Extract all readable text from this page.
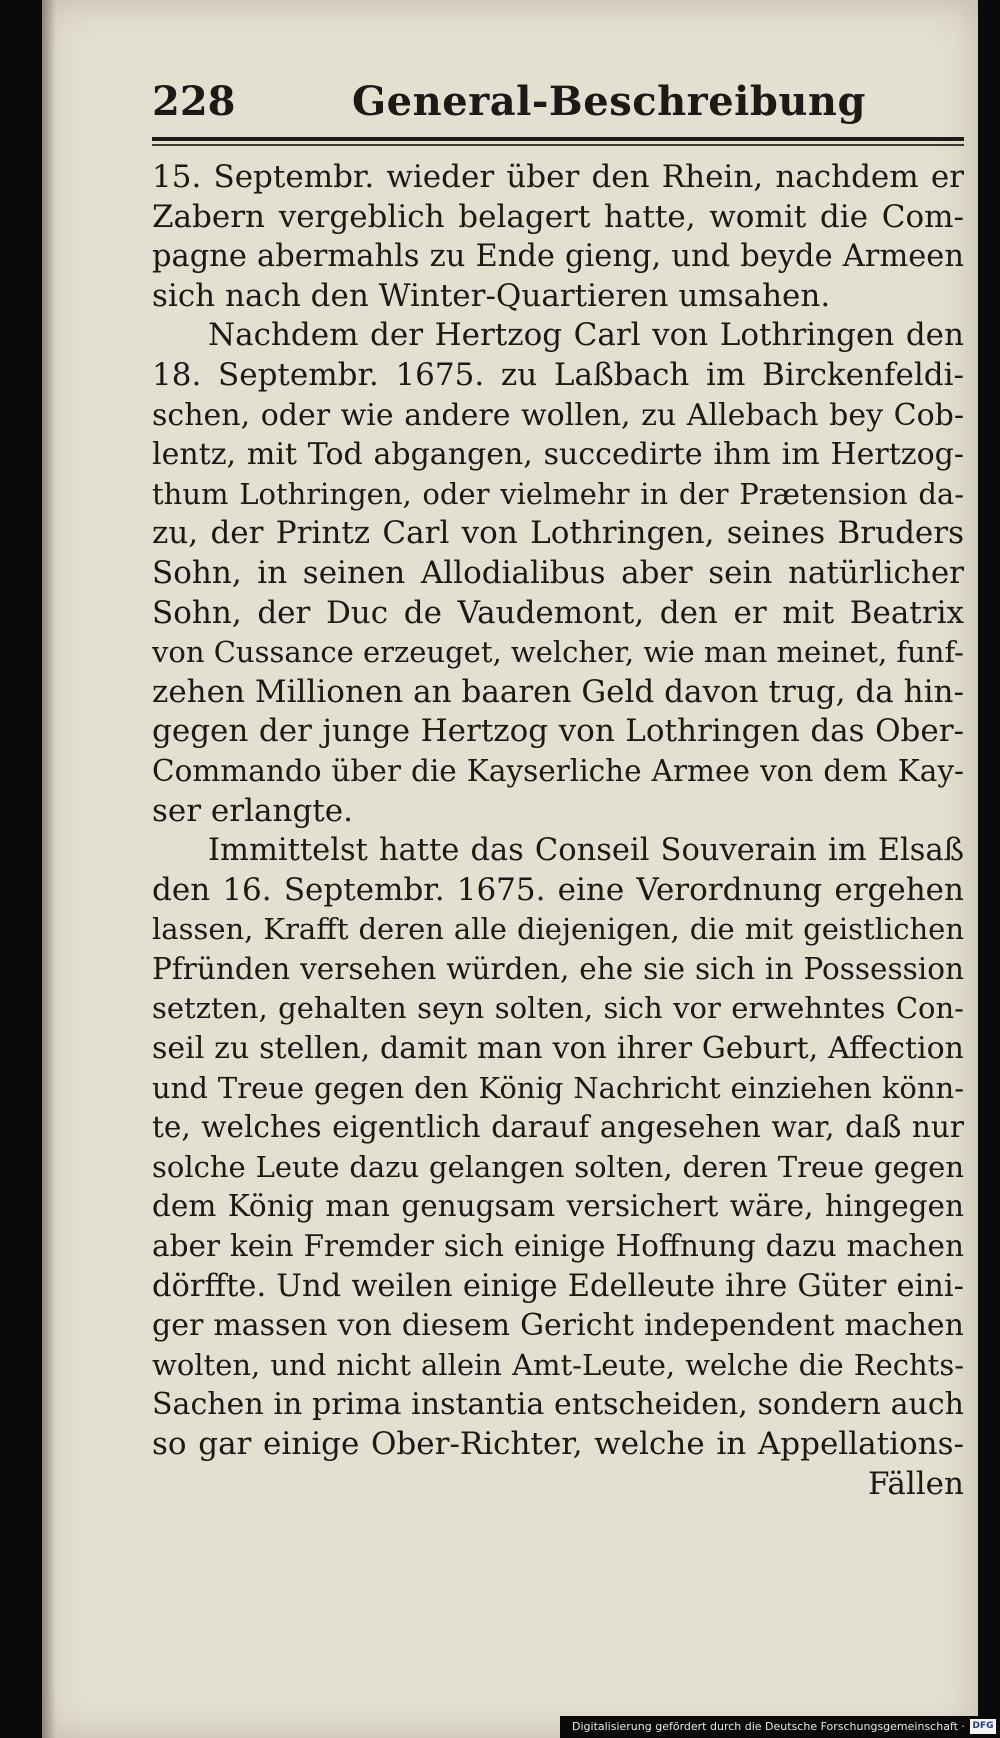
228	General-Beschreibung
15. Septembr. wieder über den Rhein, nachdem er
Zabern vergeblich belagert hatte, womit die Com-
pagne abermahls zu Ende gieng, und beyde Armeen
sich nach den Winter-Quartieren umsahen.
Nachdem der Hertzog Carl von Lothringen den
18. Septembr. 1675. zu Laßbach im Birckenfeldi-
schen, oder wie andere wollen, zu Allebach bey Cob-
lentz, mit Tod abgangen, succedirte ihm im Hertzog-
thum Lothringen, oder vielmehr in der Prætension da-
zu, der Printz Carl von Lothringen, seines Bruders
Sohn, in seinen Allodialibus aber sein natürlicher
Sohn, der Duc de Vaudemont, den er mit Beatrix
von Cussance erzeuget, welcher, wie man meinet, funf-
zehen Millionen an baaren Geld davon trug, da hin-
gegen der junge Hertzog von Lothringen das Ober-
Commando über die Kayserliche Armee von dem Kay-
ser erlangte.
Immittelst hatte das Conseil Souverain im Elsaß
den 16. Septembr. 1675. eine Verordnung ergehen
lassen, Krafft deren alle diejenigen, die mit geistlichen
Pfründen versehen würden, ehe sie sich in Possession
setzten, gehalten seyn solten, sich vor erwehntes Con-
seil zu stellen, damit man von ihrer Geburt, Affection
und Treue gegen den König Nachricht einziehen könn-
te, welches eigentlich darauf angesehen war, daß nur
solche Leute dazu gelangen solten, deren Treue gegen
dem König man genugsam versichert wäre, hingegen
aber kein Fremder sich einige Hoffnung dazu machen
dörffte. Und weilen einige Edelleute ihre Güter eini-
ger massen von diesem Gericht independent machen
wolten, und nicht allein Amt-Leute, welche die Rechts-
Sachen in prima instantia entscheiden, sondern auch
so gar einige Ober-Richter, welche in Appellations-
Fällen
Digitalisierung gefördert durch die Deutsche Forschungsgemeinschaft · DFG
